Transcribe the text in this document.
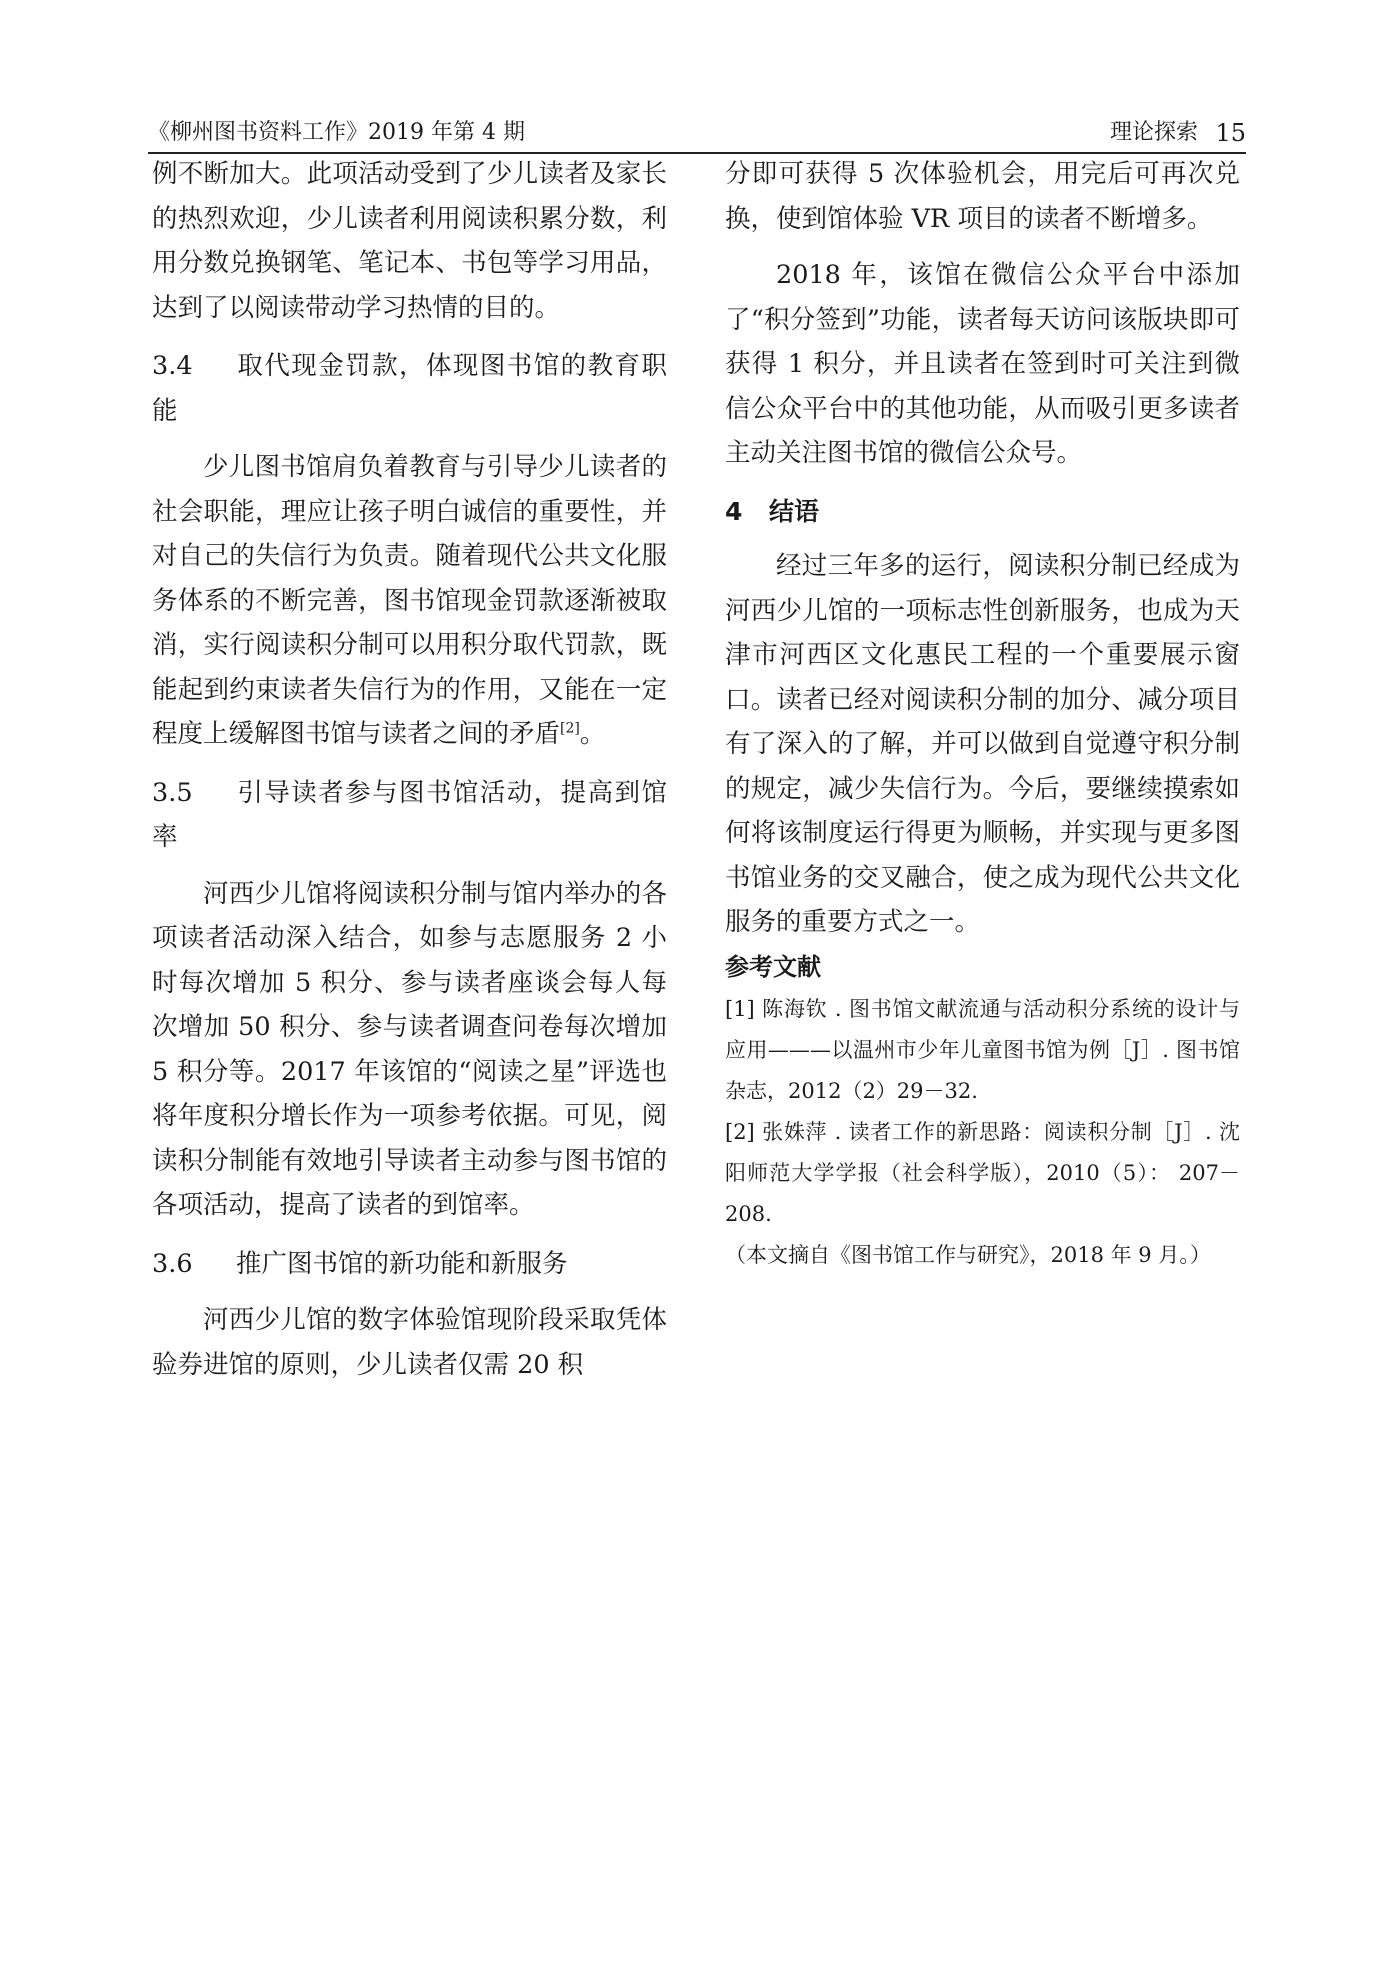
《柳州图书资料工作》2019 年第 4 期	理论探索 15

例不断加大。此项活动受到了少儿读者及家长的热烈欢迎，少儿读者利用阅读积累分数，利用分数兑换钢笔、笔记本、书包等学习用品，达到了以阅读带动学习热情的目的。

3.4 取代现金罚款，体现图书馆的教育职能

少儿图书馆肩负着教育与引导少儿读者的社会职能，理应让孩子明白诚信的重要性，并对自己的失信行为负责。随着现代公共文化服务体系的不断完善，图书馆现金罚款逐渐被取消，实行阅读积分制可以用积分取代罚款，既能起到约束读者失信行为的作用，又能在一定程度上缓解图书馆与读者之间的矛盾[2]。

3.5 引导读者参与图书馆活动，提高到馆率

河西少儿馆将阅读积分制与馆内举办的各项读者活动深入结合，如参与志愿服务 2 小时每次增加 5 积分、参与读者座谈会每人每次增加 50 积分、参与读者调查问卷每次增加 5 积分等。2017 年该馆的“阅读之星”评选也将年度积分增长作为一项参考依据。可见，阅读积分制能有效地引导读者主动参与图书馆的各项活动，提高了读者的到馆率。

3.6 推广图书馆的新功能和新服务

河西少儿馆的数字体验馆现阶段采取凭体验券进馆的原则，少儿读者仅需 20 积

分即可获得 5 次体验机会，用完后可再次兑换，使到馆体验 VR 项目的读者不断增多。

2018 年，该馆在微信公众平台中添加了“积分签到”功能，读者每天访问该版块即可获得 1 积分，并且读者在签到时可关注到微信公众平台中的其他功能，从而吸引更多读者主动关注图书馆的微信公众号。

4 结语

经过三年多的运行，阅读积分制已经成为河西少儿馆的一项标志性创新服务，也成为天津市河西区文化惠民工程的一个重要展示窗口。读者已经对阅读积分制的加分、减分项目有了深入的了解，并可以做到自觉遵守积分制的规定，减少失信行为。今后，要继续摸索如何将该制度运行得更为顺畅，并实现与更多图书馆业务的交叉融合，使之成为现代公共文化服务的重要方式之一。

参考文献

[1] 陈海钦 . 图书馆文献流通与活动积分系统的设计与应用———以温州市少年儿童图书馆为例［J］. 图书馆杂志，2012（2）29－32.

[2] 张姝萍 . 读者工作的新思路：阅读积分制［J］. 沈阳师范大学学报（社会科学版），2010（5）： 207－208.

（本文摘自《图书馆工作与研究》，2018 年 9 月。）
